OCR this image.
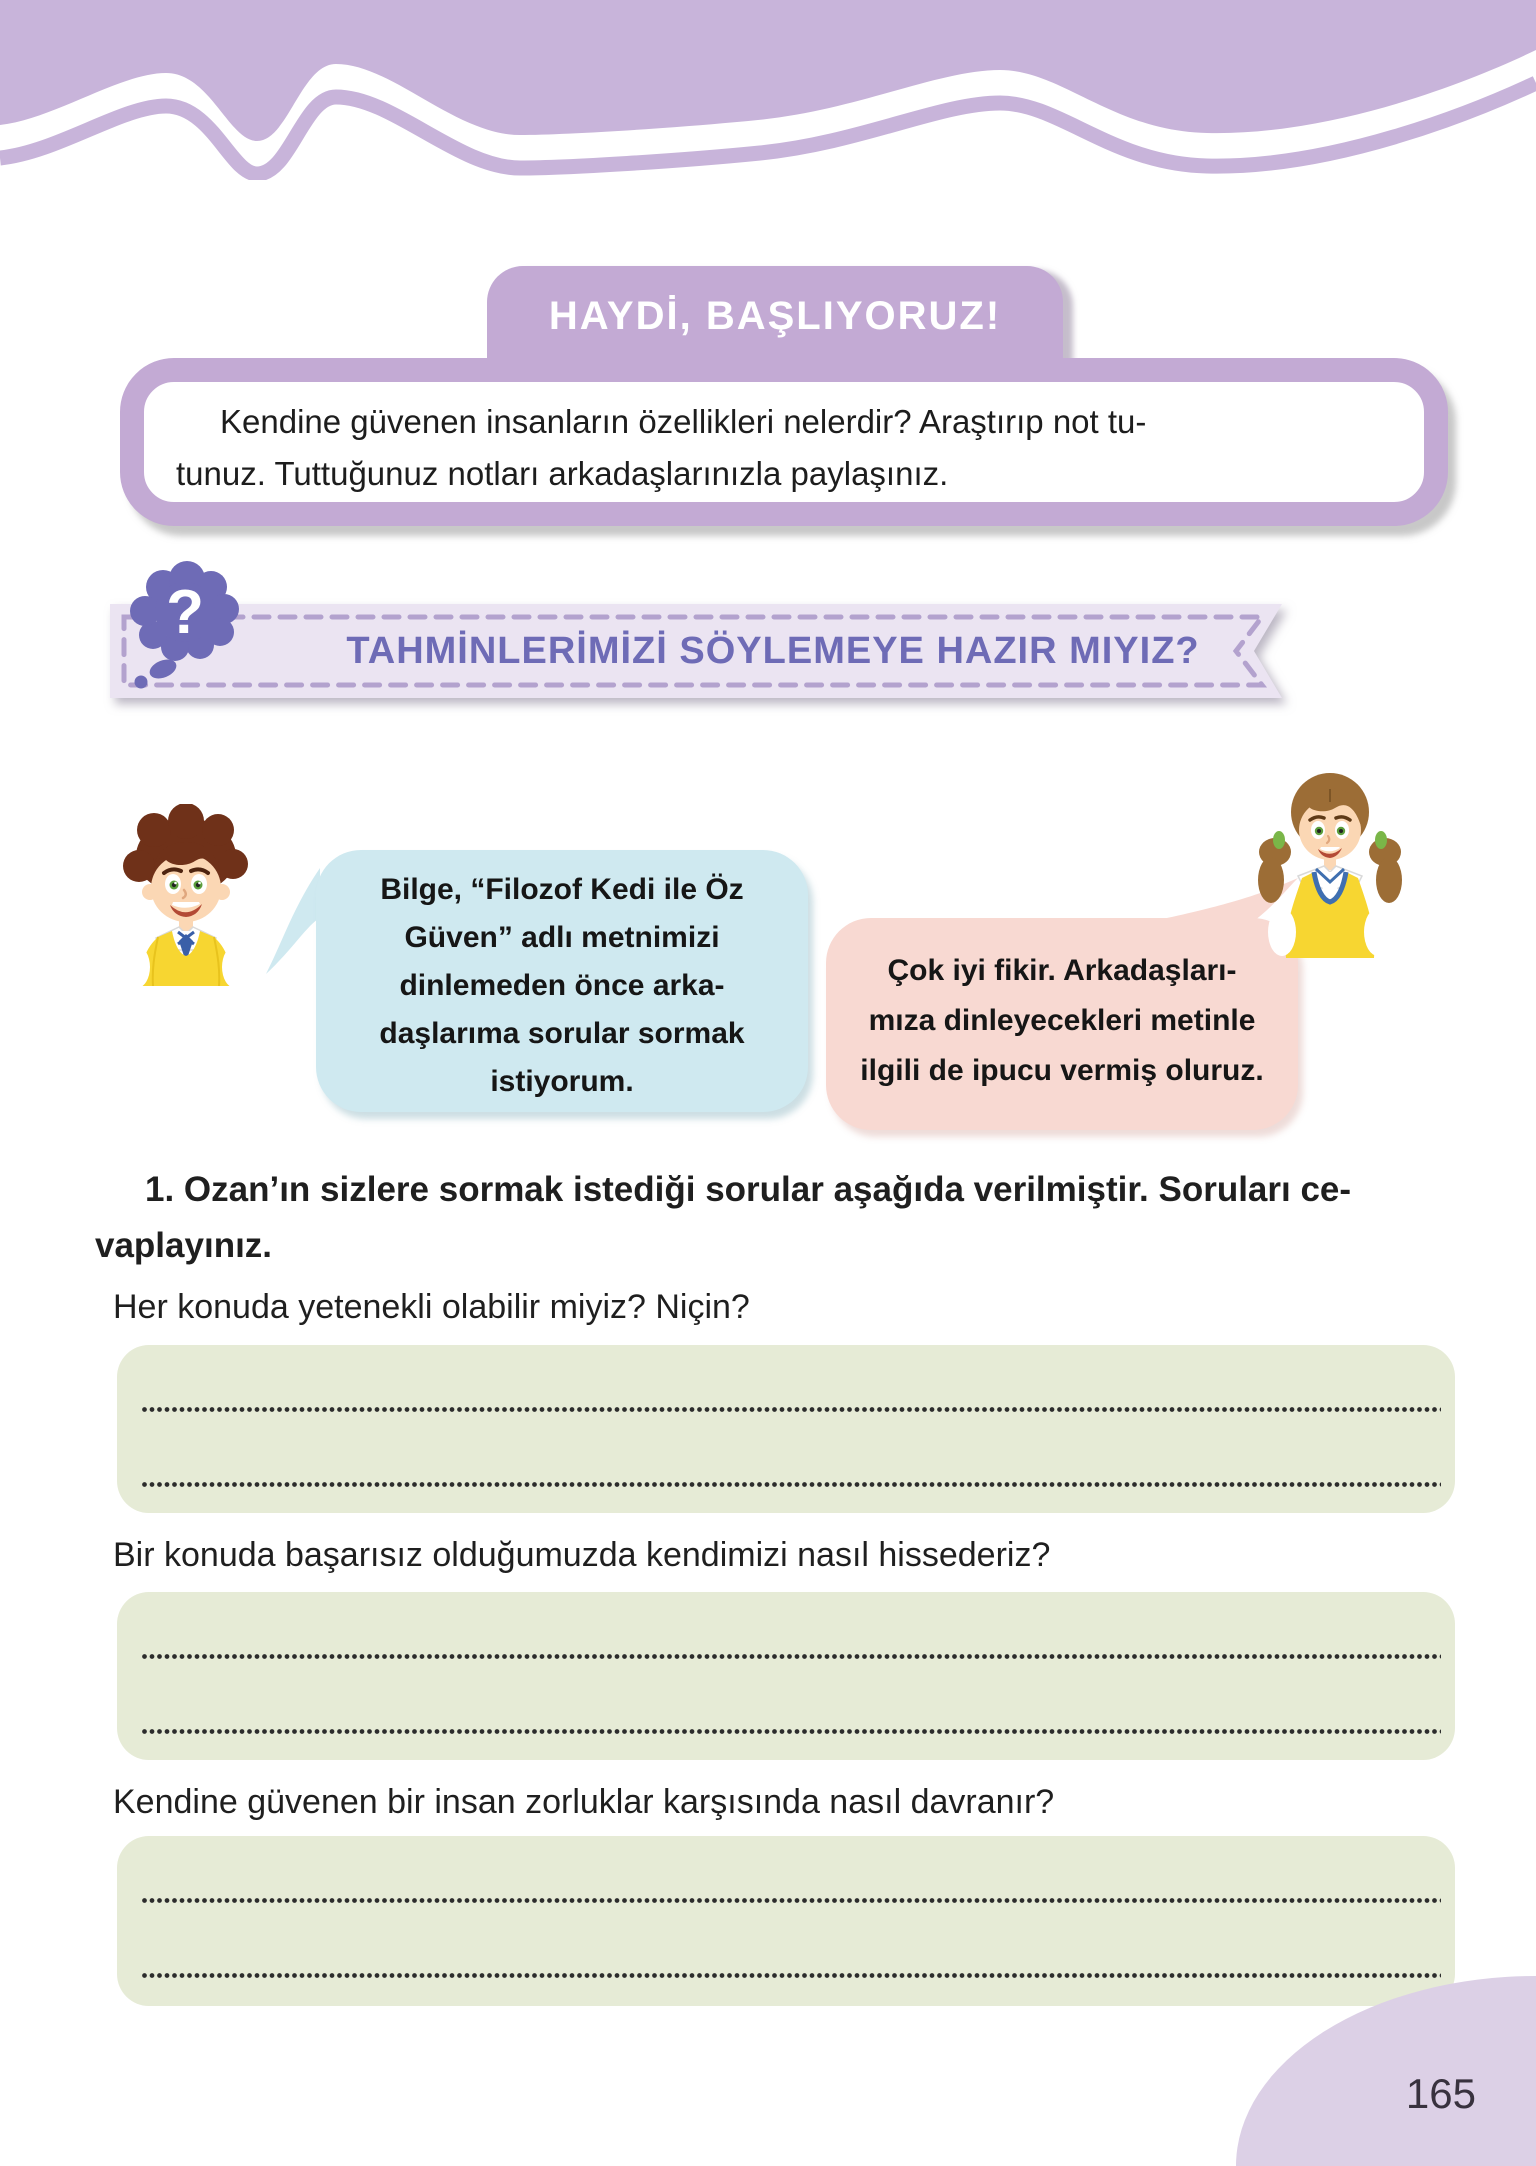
HAYDİ, BAŞLIYORUZ!
Kendine güvenen insanların özellikleri nelerdir? Araştırıp not tu-
tunuz. Tuttuğunuz notları arkadaşlarınızla paylaşınız.
TAHMİNLERİMİZİ SÖYLEMEYE HAZIR MIYIZ?
?
Bilge, “Filozof Kedi ile Öz
Güven” adlı metnimizi
dinlemeden önce arka-
daşlarıma sorular sormak
istiyorum.
Çok iyi fikir. Arkadaşları-
mıza dinleyecekleri metinle
ilgili de ipucu vermiş oluruz.
1. Ozan’ın sizlere sormak istediği sorular aşağıda verilmiştir. Soruları ce-
vaplayınız.
Her konuda yetenekli olabilir miyiz? Niçin?
Bir konuda başarısız olduğumuzda kendimizi nasıl hissederiz?
Kendine güvenen bir insan zorluklar karşısında nasıl davranır?
165
